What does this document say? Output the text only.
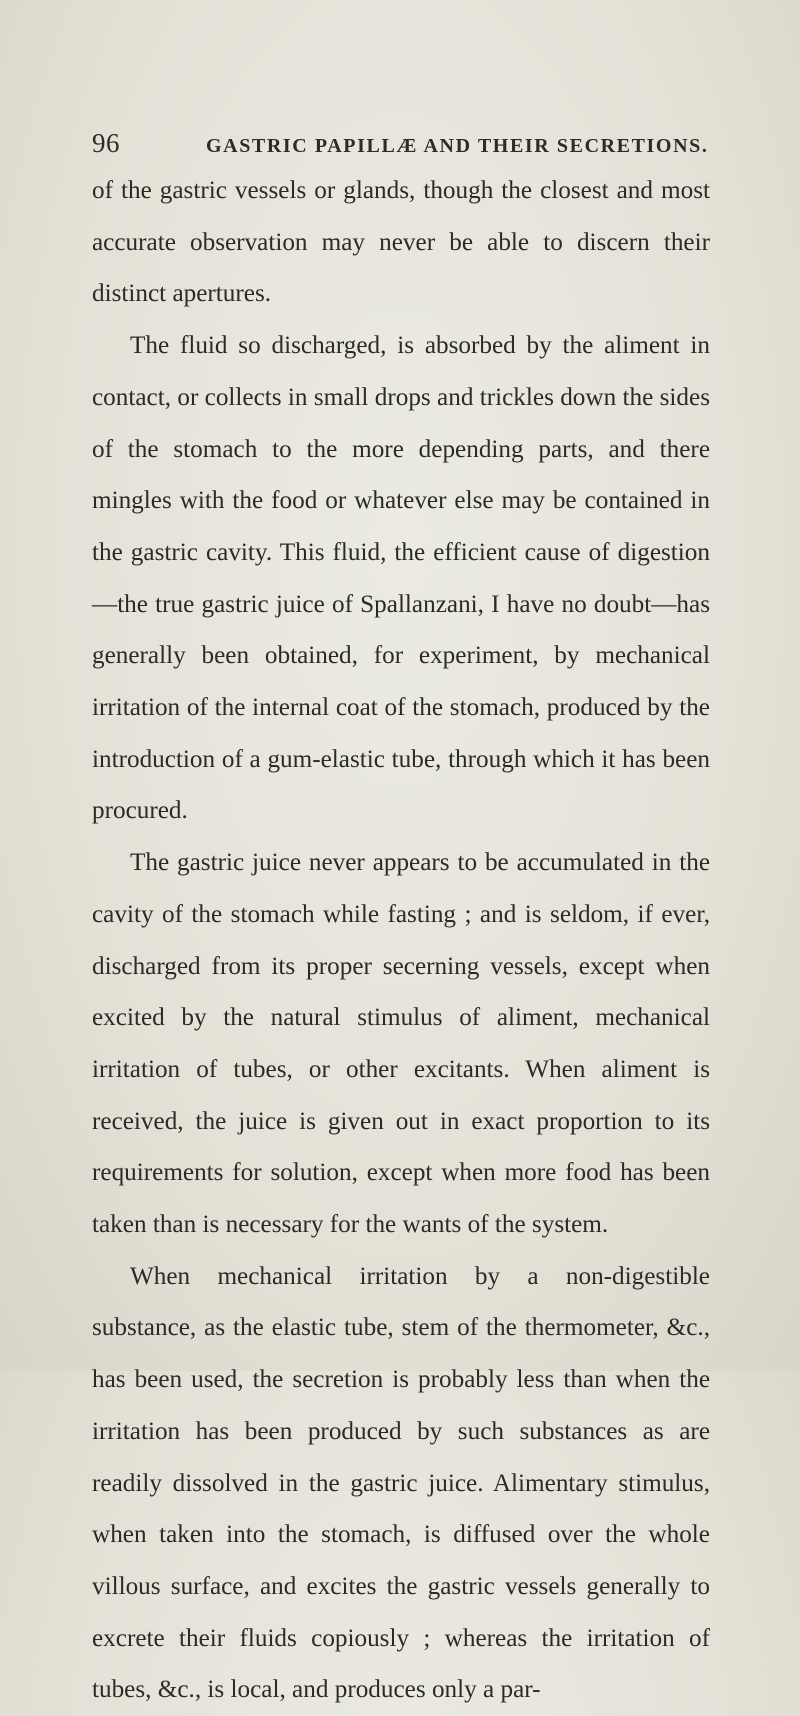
96	GASTRIC PAPILLÆ AND THEIR SECRETIONS.

of the gastric vessels or glands, though the closest and most accurate observation may never be able to discern their distinct apertures.

The fluid so discharged, is absorbed by the aliment in contact, or collects in small drops and trickles down the sides of the stomach to the more depending parts, and there mingles with the food or whatever else may be contained in the gastric cavity. This fluid, the efficient cause of digestion—the true gastric juice of Spallanzani, I have no doubt—has generally been obtained, for experiment, by mechanical irritation of the internal coat of the stomach, produced by the introduction of a gum-elastic tube, through which it has been procured.

The gastric juice never appears to be accumulated in the cavity of the stomach while fasting ; and is seldom, if ever, discharged from its proper secerning vessels, except when excited by the natural stimulus of aliment, mechanical irritation of tubes, or other excitants. When aliment is received, the juice is given out in exact proportion to its requirements for solution, except when more food has been taken than is necessary for the wants of the system.

When mechanical irritation by a non-digestible substance, as the elastic tube, stem of the thermometer, &c., has been used, the secretion is probably less than when the irritation has been produced by such substances as are readily dissolved in the gastric juice. Alimentary stimulus, when taken into the stomach, is diffused over the whole villous surface, and excites the gastric vessels generally to excrete their fluids copiously ; whereas the irritation of tubes, &c., is local, and produces only a par-
